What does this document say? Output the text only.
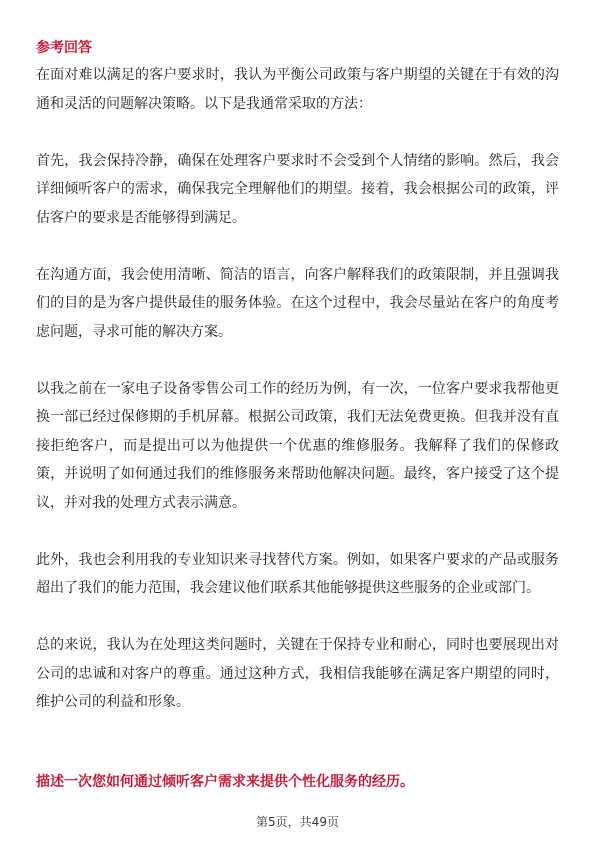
参考回答

在面对难以满足的客户要求时，我认为平衡公司政策与客户期望的关键在于有效的沟通和灵活的问题解决策略。以下是我通常采取的方法：

首先，我会保持冷静，确保在处理客户要求时不会受到个人情绪的影响。然后，我会详细倾听客户的需求，确保我完全理解他们的期望。接着，我会根据公司的政策，评估客户的要求是否能够得到满足。

在沟通方面，我会使用清晰、简洁的语言，向客户解释我们的政策限制，并且强调我们的目的是为客户提供最佳的服务体验。在这个过程中，我会尽量站在客户的角度考虑问题，寻求可能的解决方案。

以我之前在一家电子设备零售公司工作的经历为例，有一次，一位客户要求我帮他更换一部已经过保修期的手机屏幕。根据公司政策，我们无法免费更换。但我并没有直接拒绝客户，而是提出可以为他提供一个优惠的维修服务。我解释了我们的保修政策，并说明了如何通过我们的维修服务来帮助他解决问题。最终，客户接受了这个提议，并对我的处理方式表示满意。

此外，我也会利用我的专业知识来寻找替代方案。例如，如果客户要求的产品或服务超出了我们的能力范围，我会建议他们联系其他能够提供这些服务的企业或部门。

总的来说，我认为在处理这类问题时，关键在于保持专业和耐心，同时也要展现出对公司的忠诚和对客户的尊重。通过这种方式，我相信我能够在满足客户期望的同时，维护公司的利益和形象。

描述一次您如何通过倾听客户需求来提供个性化服务的经历。
第5页，共49页
